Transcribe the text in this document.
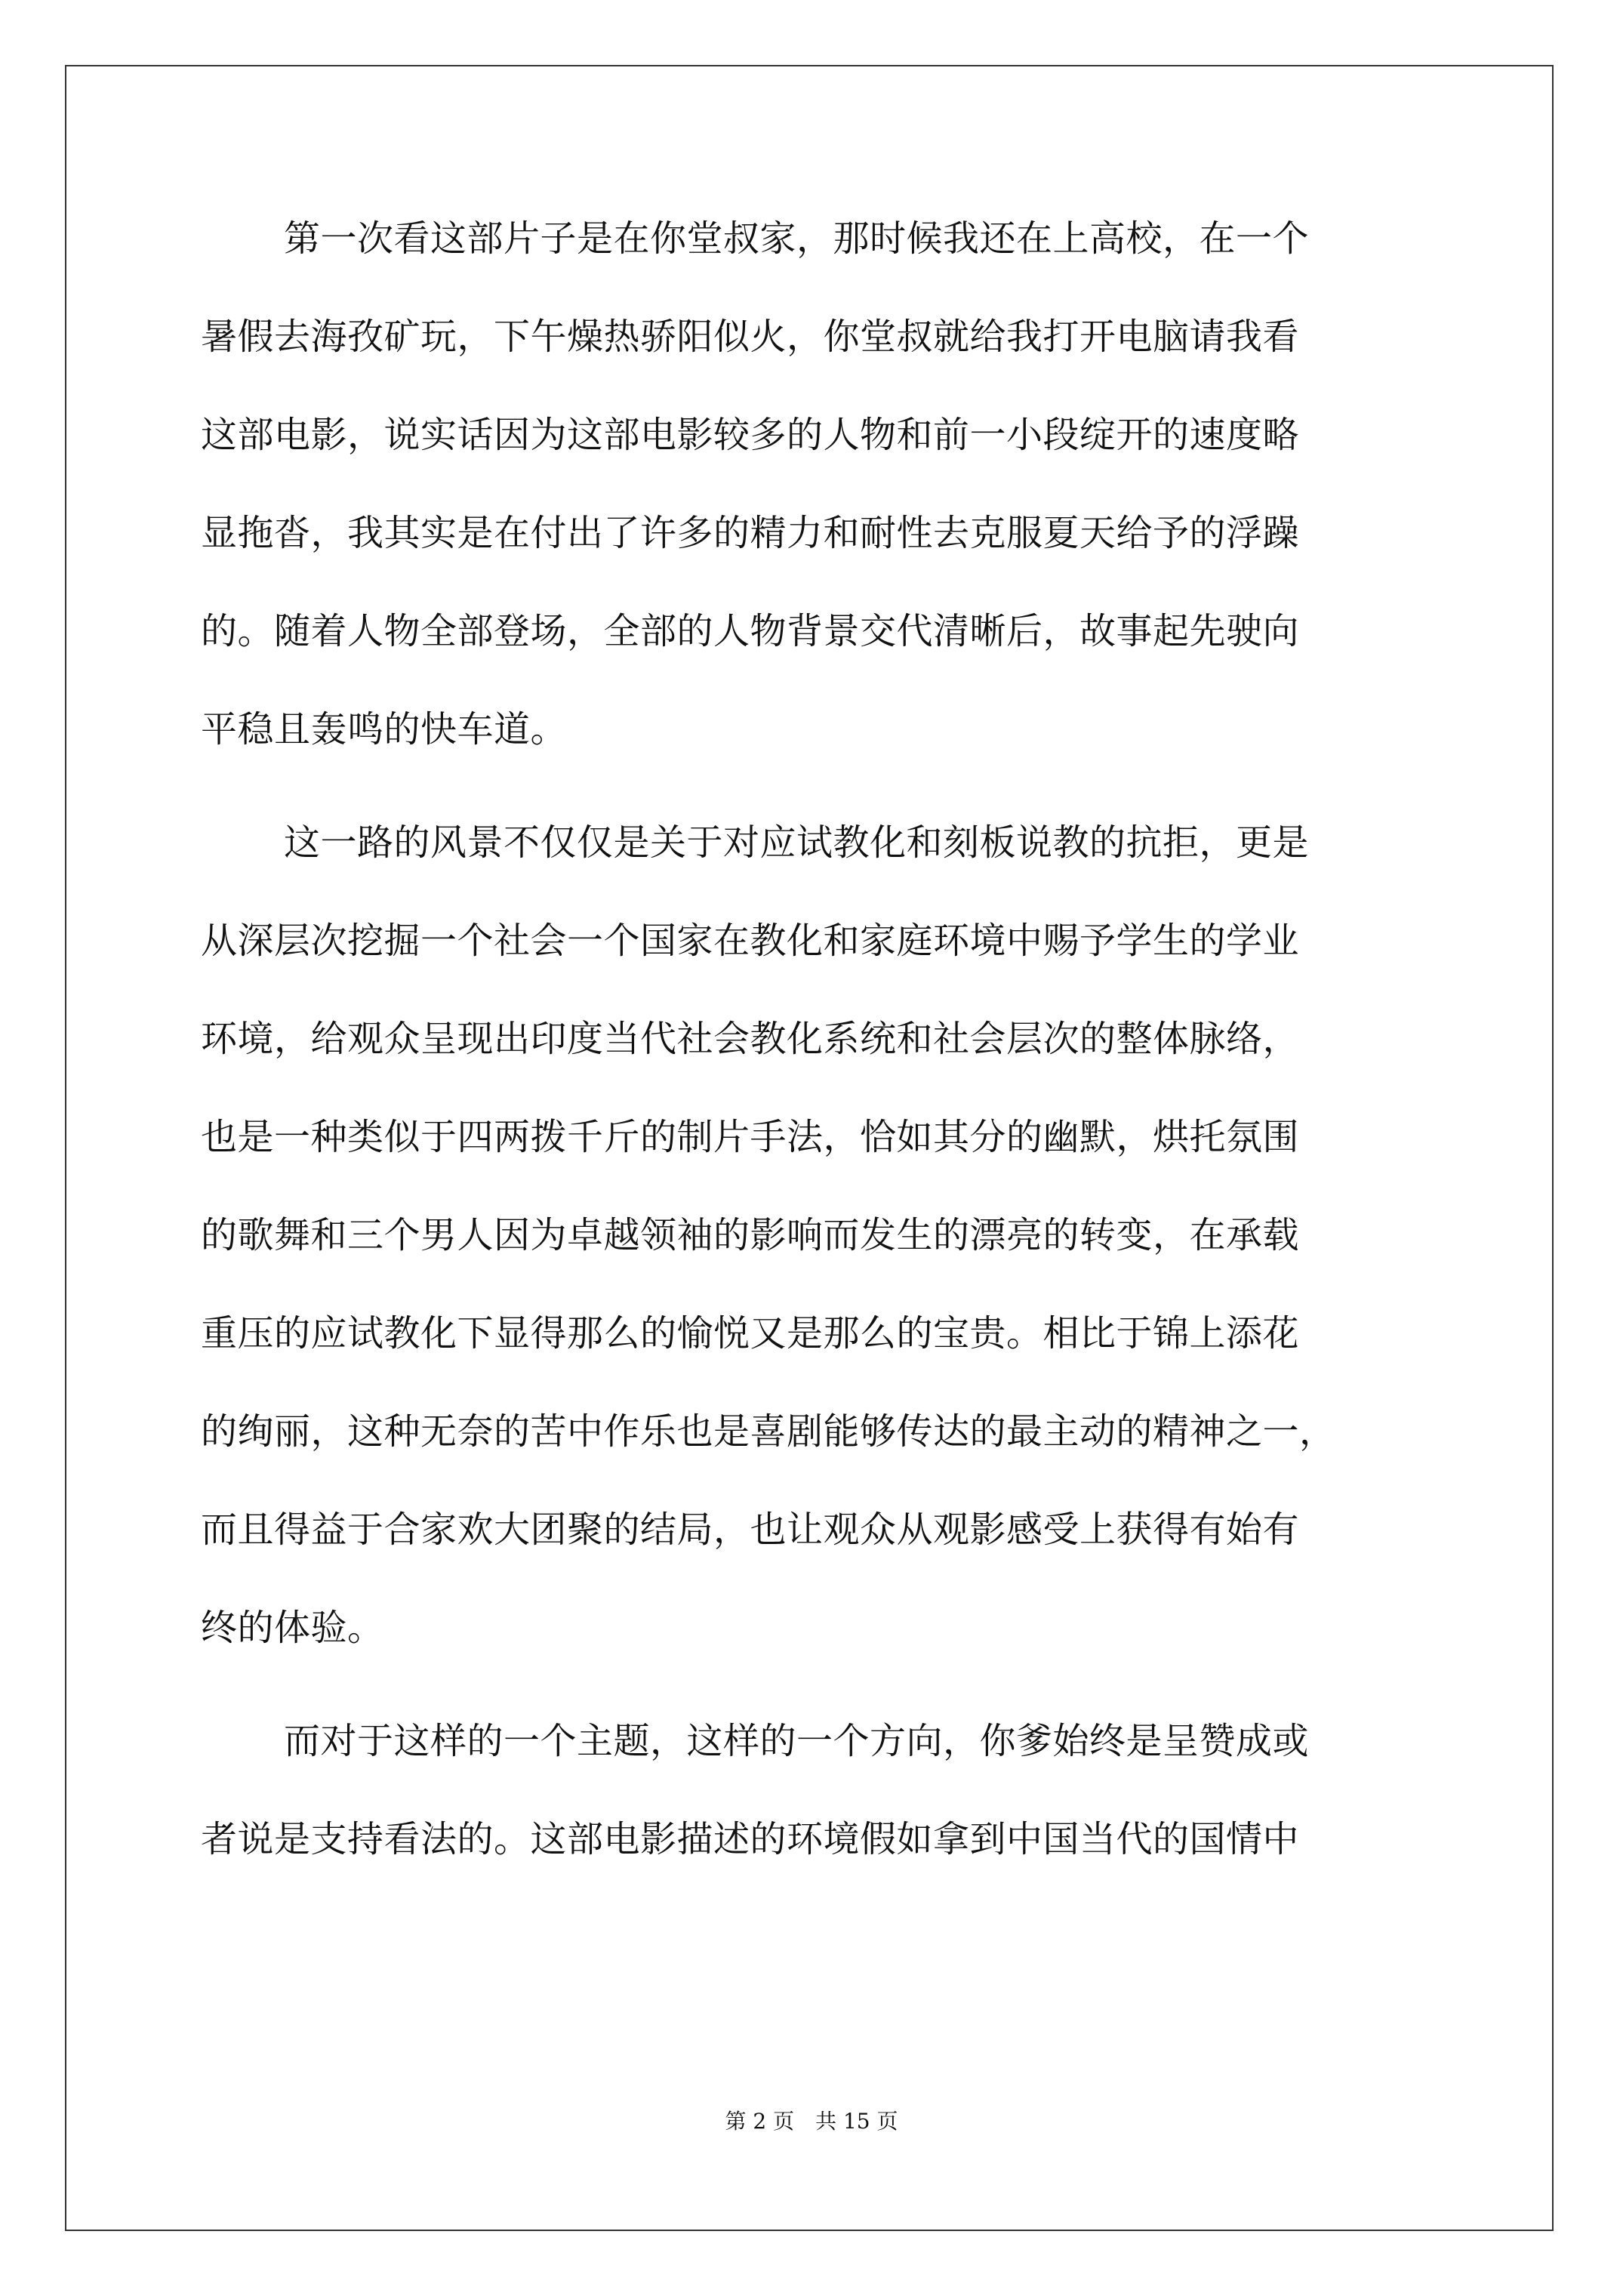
第一次看这部片子是在你堂叔家，那时候我还在上高校，在一个
暑假去海孜矿玩，下午燥热骄阳似火，你堂叔就给我打开电脑请我看
这部电影，说实话因为这部电影较多的人物和前一小段绽开的速度略
显拖沓，我其实是在付出了许多的精力和耐性去克服夏天给予的浮躁
的。随着人物全部登场，全部的人物背景交代清晰后，故事起先驶向
平稳且轰鸣的快车道。
这一路的风景不仅仅是关于对应试教化和刻板说教的抗拒，更是
从深层次挖掘一个社会一个国家在教化和家庭环境中赐予学生的学业
环境，给观众呈现出印度当代社会教化系统和社会层次的整体脉络，
也是一种类似于四两拨千斤的制片手法，恰如其分的幽默，烘托氛围
的歌舞和三个男人因为卓越领袖的影响而发生的漂亮的转变，在承载
重压的应试教化下显得那么的愉悦又是那么的宝贵。相比于锦上添花
的绚丽，这种无奈的苦中作乐也是喜剧能够传达的最主动的精神之一，
而且得益于合家欢大团聚的结局，也让观众从观影感受上获得有始有
终的体验。
而对于这样的一个主题，这样的一个方向，你爹始终是呈赞成或
者说是支持看法的。这部电影描述的环境假如拿到中国当代的国情中
第 2 页 共 15 页
